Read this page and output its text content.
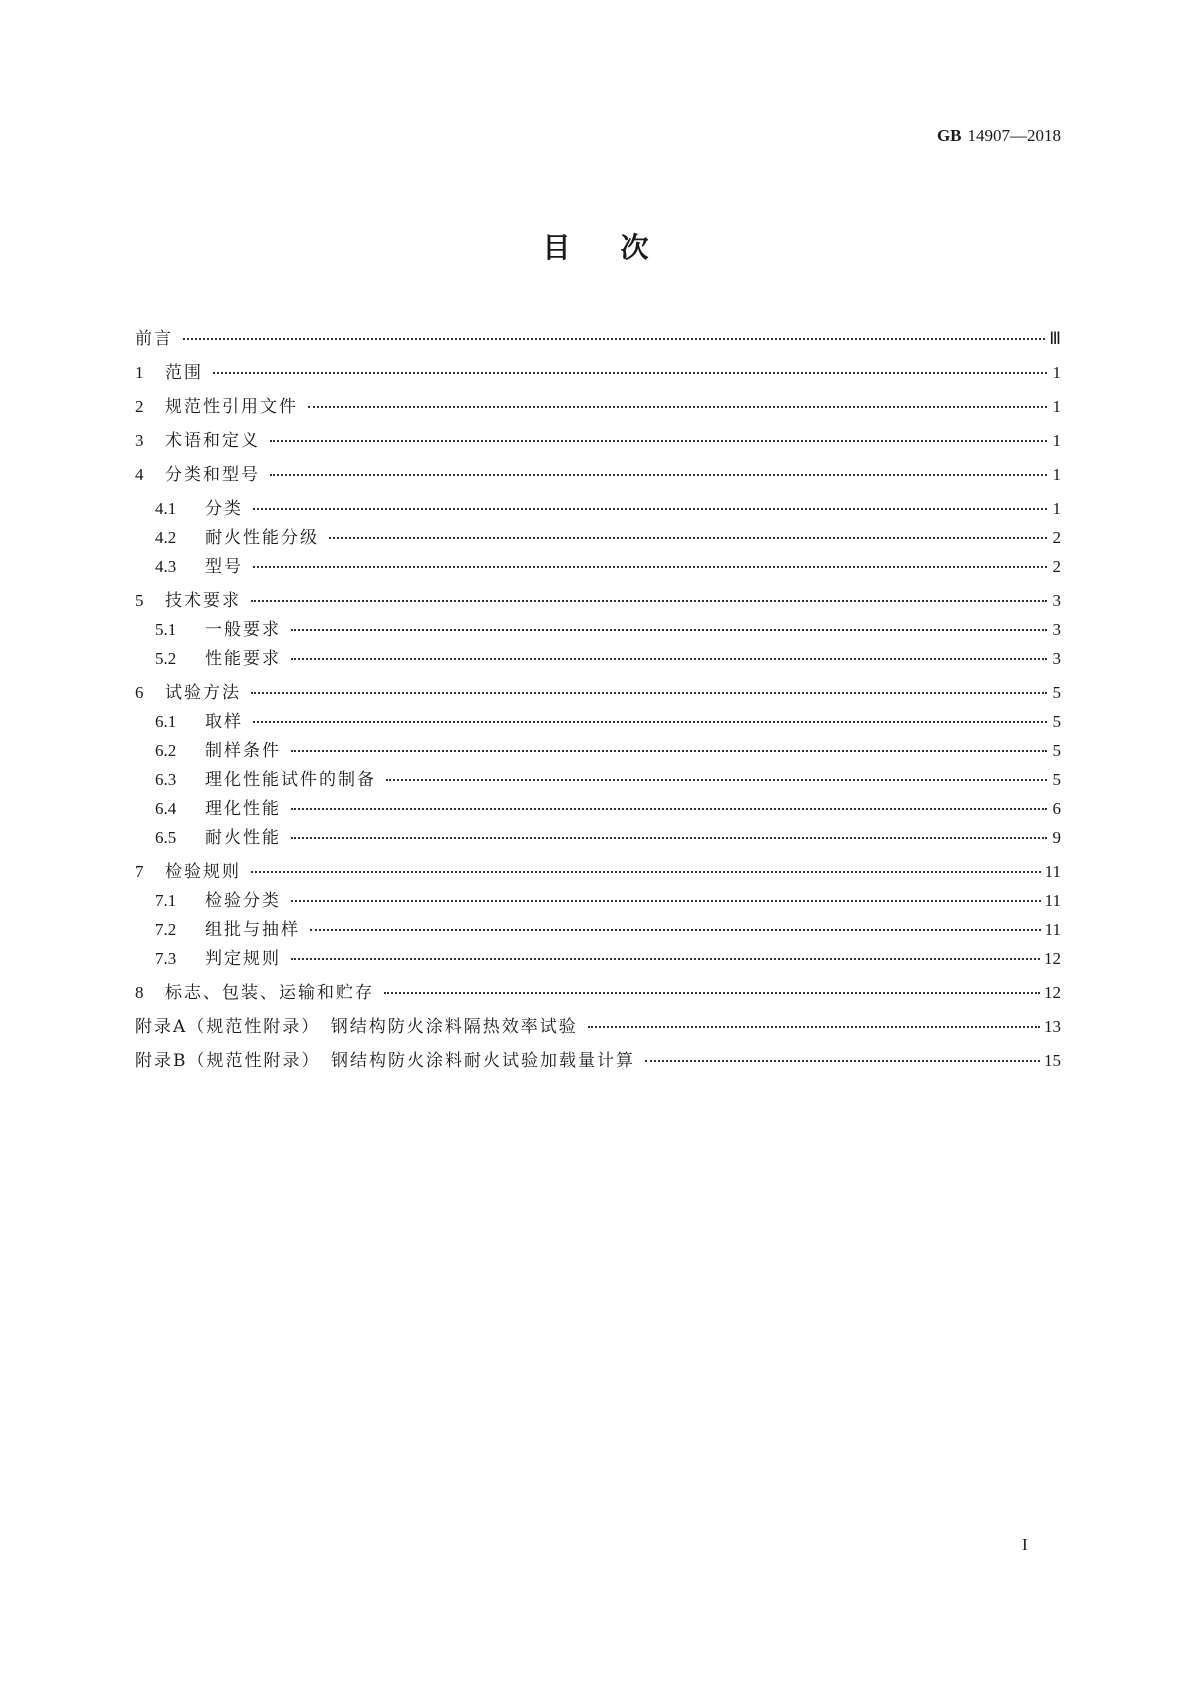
GB 14907—2018
目次
前言	Ⅲ
1	范围	1
2	规范性引用文件	1
3	术语和定义	1
4	分类和型号	1
4.1	分类	1
4.2	耐火性能分级	2
4.3	型号	2
5	技术要求	3
5.1	一般要求	3
5.2	性能要求	3
6	试验方法	5
6.1	取样	5
6.2	制样条件	5
6.3	理化性能试件的制备	5
6.4	理化性能	6
6.5	耐火性能	9
7	检验规则	11
7.1	检验分类	11
7.2	组批与抽样	11
7.3	判定规则	12
8	标志、包装、运输和贮存	12
附录A（规范性附录）　钢结构防火涂料隔热效率试验	13
附录B（规范性附录）　钢结构防火涂料耐火试验加载量计算	15
I
